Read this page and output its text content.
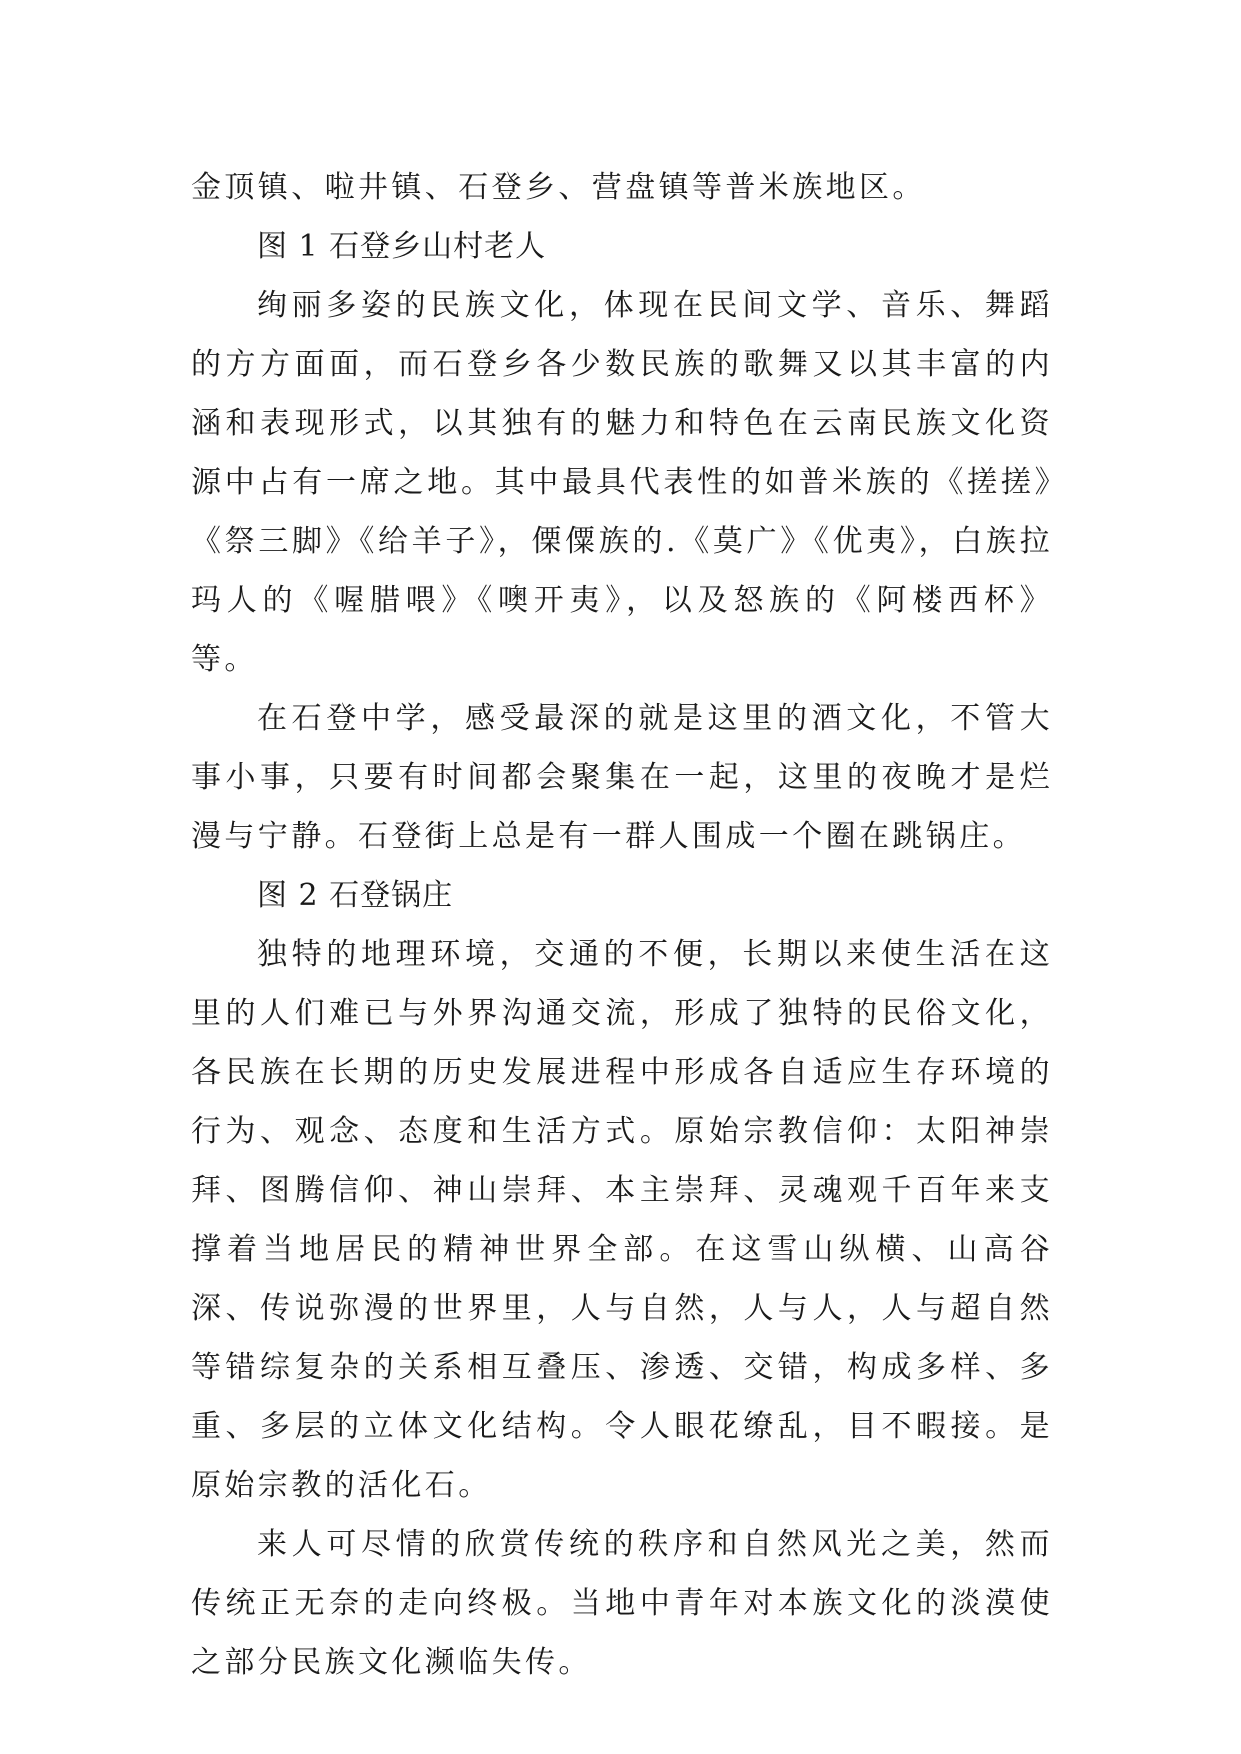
金顶镇、啦井镇、石登乡、营盘镇等普米族地区。

图 1 石登乡山村老人

绚丽多姿的民族文化，体现在民间文学、音乐、舞蹈的方方面面，而石登乡各少数民族的歌舞又以其丰富的内涵和表现形式，以其独有的魅力和特色在云南民族文化资源中占有一席之地。其中最具代表性的如普米族的《搓搓》《祭三脚》《给羊子》，傈僳族的.《莫广》《优夷》，白族拉玛人的《喔腊喂》《噢开夷》，以及怒族的《阿楼西杯》等。

在石登中学，感受最深的就是这里的酒文化，不管大事小事，只要有时间都会聚集在一起，这里的夜晚才是烂漫与宁静。石登街上总是有一群人围成一个圈在跳锅庄。

图 2 石登锅庄

独特的地理环境，交通的不便，长期以来使生活在这里的人们难已与外界沟通交流，形成了独特的民俗文化，各民族在长期的历史发展进程中形成各自适应生存环境的行为、观念、态度和生活方式。原始宗教信仰：太阳神崇拜、图腾信仰、神山崇拜、本主崇拜、灵魂观千百年来支撑着当地居民的精神世界全部。在这雪山纵横、山高谷深、传说弥漫的世界里，人与自然，人与人，人与超自然等错综复杂的关系相互叠压、渗透、交错，构成多样、多重、多层的立体文化结构。令人眼花缭乱，目不暇接。是原始宗教的活化石。

来人可尽情的欣赏传统的秩序和自然风光之美，然而传统正无奈的走向终极。当地中青年对本族文化的淡漠使之部分民族文化濒临失传。
